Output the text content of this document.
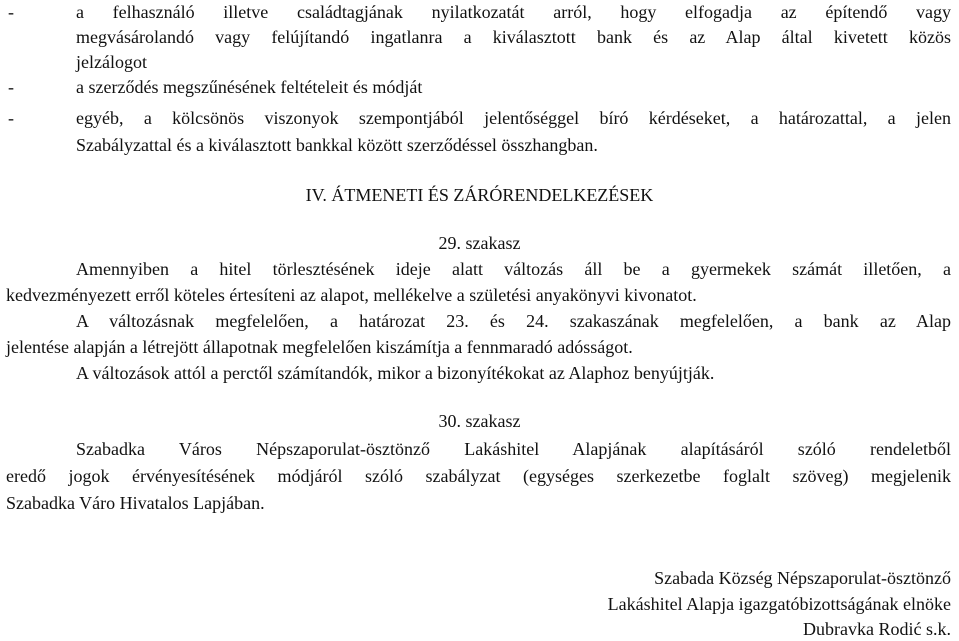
-	a felhasználó illetve családtagjának nyilatkozatát arról, hogy elfogadja az építendő vagy
megvásárolandó vagy felújítandó ingatlanra a kiválasztott bank és az Alap által kivetett közös
jelzálogot
-	a szerződés megszűnésének feltételeit és módját
-	egyéb, a kölcsönös viszonyok szempontjából jelentőséggel bíró kérdéseket, a határozattal, a jelen
Szabályzattal és a kiválasztott bankkal között szerződéssel összhangban.
IV. ÁTMENETI ÉS ZÁRÓRENDELKEZÉSEK
29. szakasz
Amennyiben a hitel törlesztésének ideje alatt változás áll be a gyermekek számát illetően, a
kedvezményezett erről köteles értesíteni az alapot, mellékelve a születési anyakönyvi kivonatot.
A változásnak megfelelően, a határozat 23. és 24. szakaszának megfelelően, a bank az Alap
jelentése alapján a létrejött állapotnak megfelelően kiszámítja a fennmaradó adósságot.
A változások attól a perctől számítandók, mikor a bizonyítékokat az Alaphoz benyújtják.
30. szakasz
Szabadka Város Népszaporulat-ösztönző Lakáshitel Alapjának alapításáról szóló rendeletből
eredő jogok érvényesítésének módjáról szóló szabályzat (egységes szerkezetbe foglalt szöveg) megjelenik
Szabadka Váro Hivatalos Lapjában.
Szabada Község Népszaporulat-ösztönző
Lakáshitel Alapja igazgatóbizottságának elnöke
Dubravka Rodić s.k.
